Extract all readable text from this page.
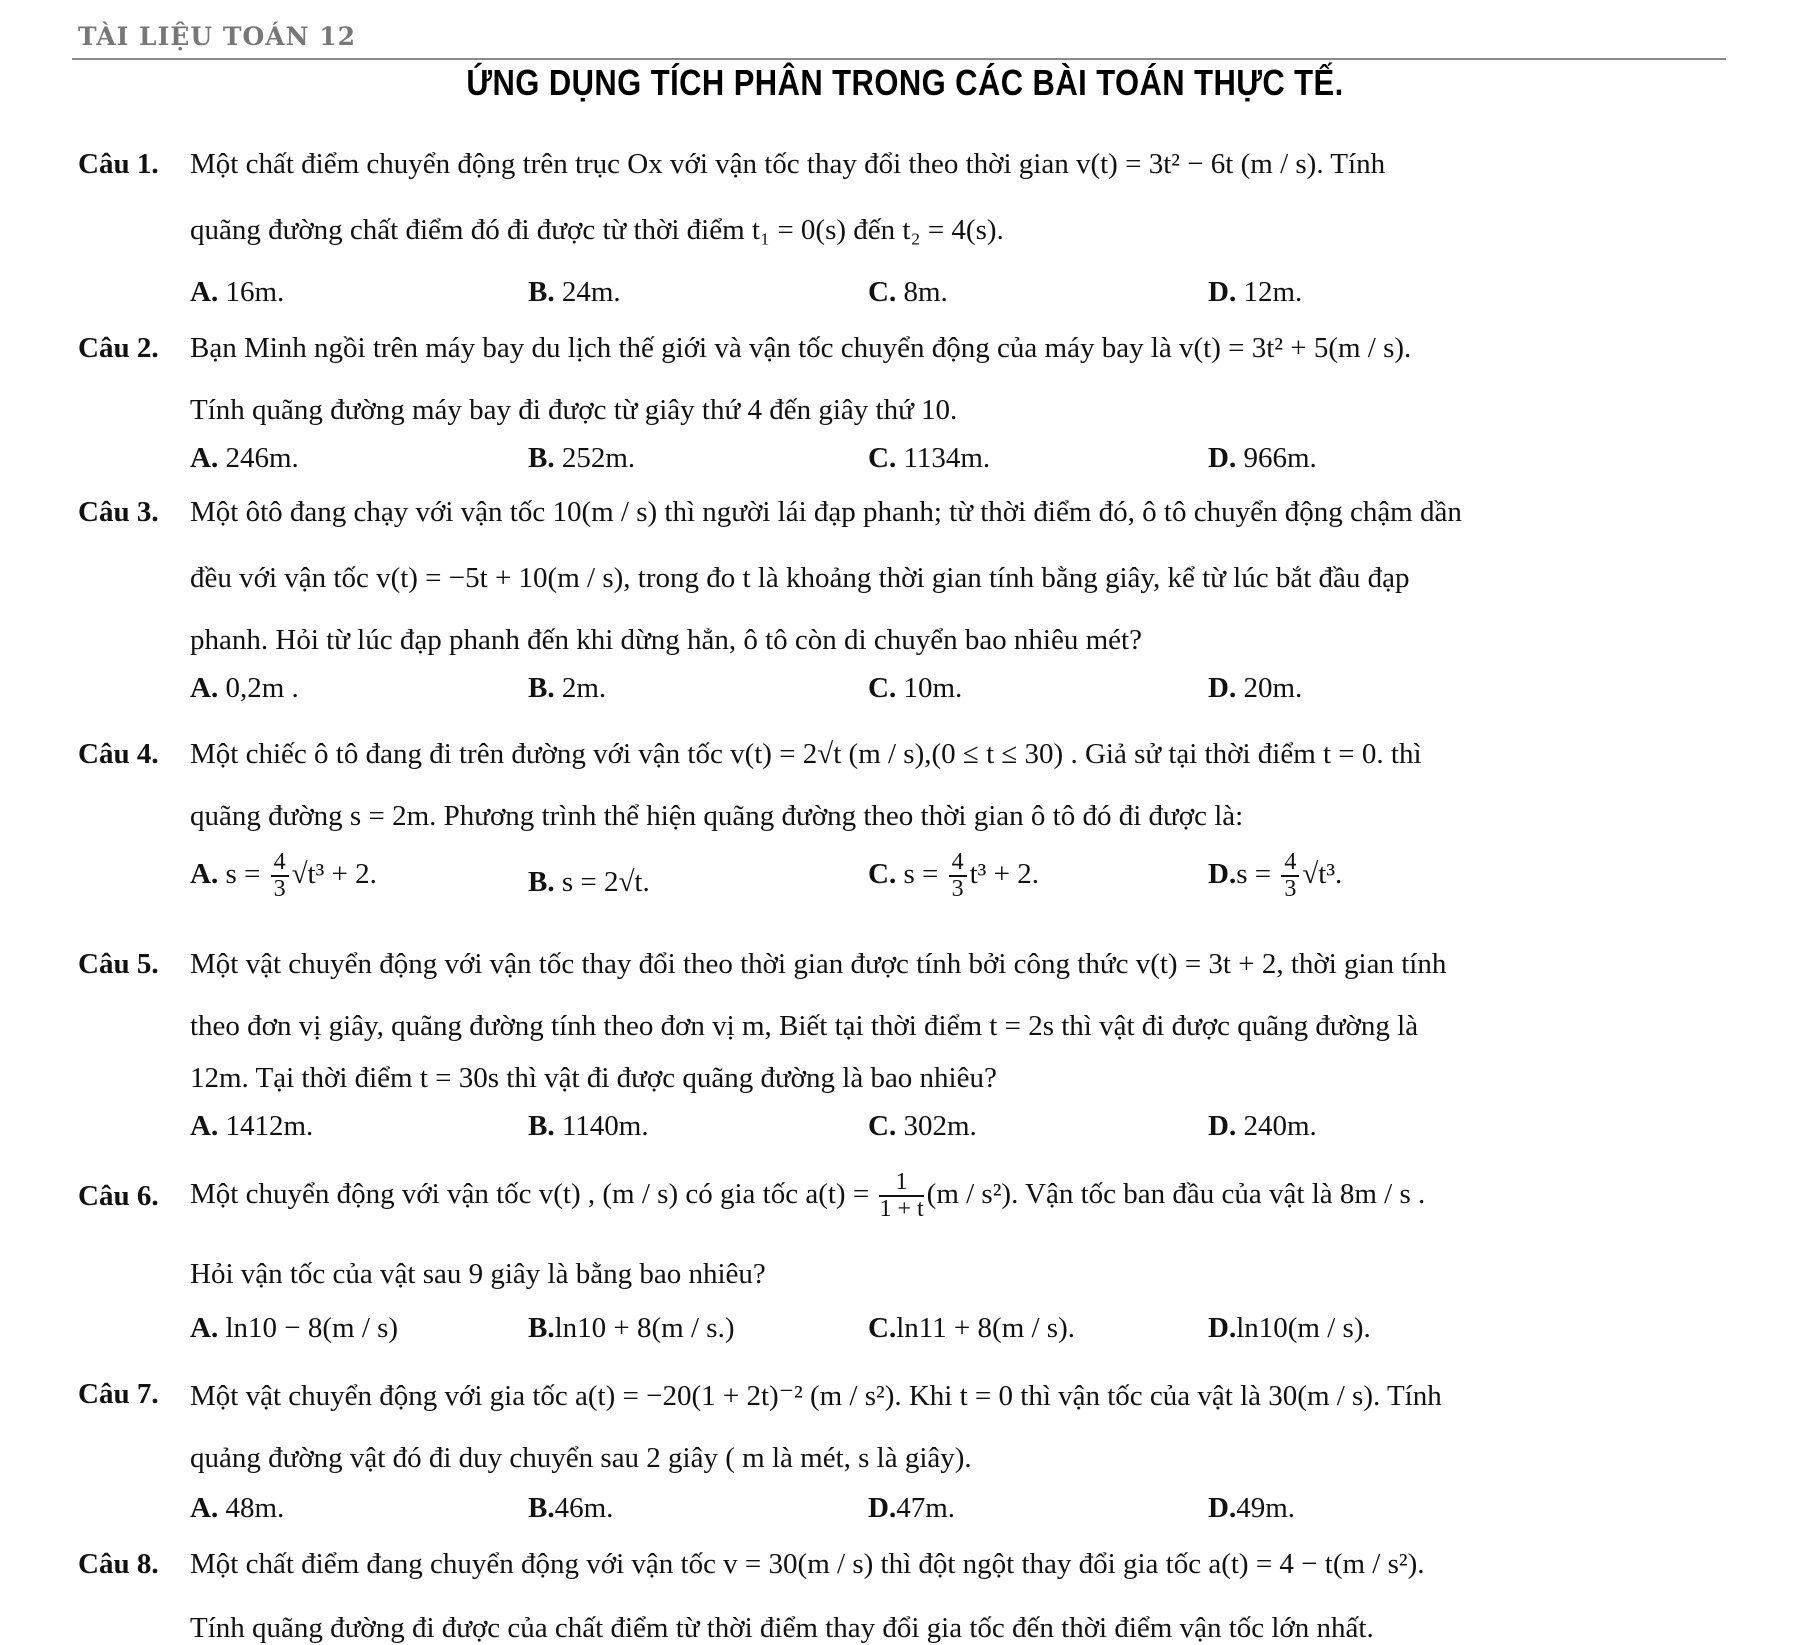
TÀI LIỆU TOÁN 12
ỨNG DỤNG TÍCH PHÂN TRONG CÁC BÀI TOÁN THỰC TẾ.
Câu 1. Một chất điểm chuyển động trên trục Ox với vận tốc thay đổi theo thời gian v(t) = 3t² − 6t (m / s). Tính
quãng đường chất điểm đó đi được từ thời điểm t₁ = 0(s) đến t₂ = 4(s).
A. 16m.	B. 24m.	C. 8m.	D. 12m.
Câu 2. Bạn Minh ngồi trên máy bay du lịch thế giới và vận tốc chuyển động của máy bay là v(t) = 3t² + 5(m / s).
Tính quãng đường máy bay đi được từ giây thứ 4 đến giây thứ 10.
A. 246m.	B. 252m.	C. 1134m.	D. 966m.
Câu 3. Một ôtô đang chạy với vận tốc 10(m / s) thì người lái đạp phanh; từ thời điểm đó, ô tô chuyển động chậm dần
đều với vận tốc v(t) = −5t + 10(m / s), trong đo t là khoảng thời gian tính bằng giây, kể từ lúc bắt đầu đạp
phanh. Hỏi từ lúc đạp phanh đến khi dừng hẳn, ô tô còn di chuyển bao nhiêu mét?
A. 0,2m .	B. 2m.	C. 10m.	D. 20m.
Câu 4. Một chiếc ô tô đang đi trên đường với vận tốc v(t) = 2√t (m / s),(0 ≤ t ≤ 30) . Giả sử tại thời điểm t = 0. thì
quãng đường s = 2m. Phương trình thể hiện quãng đường theo thời gian ô tô đó đi được là:
A. $s = \frac{4}{3} √t^3 + 2$.	B. s = 2√t.	C. $s = \frac{4}{3} t^3 + 2$.	$D.s = \frac{4}{3} √t^3$.
Câu 5. Một vật chuyển động với vận tốc thay đổi theo thời gian được tính bởi công thức v(t) = 3t + 2, thời gian tính
theo đơn vị giây, quãng đường tính theo đơn vị m, Biết tại thời điểm t = 2s thì vật đi được quãng đường là
12m. Tại thời điểm t = 30s thì vật đi được quãng đường là bao nhiêu?
A. 1412m.	B. 1140m.	C. 302m.	D. 240m.
Câu 6. Một chuyển động với vận tốc v(t) , (m / s) có gia tốc $a(t) = \frac{1}{1 + t} (m / s^2)$. Vận tốc ban đầu của vật là 8m / s .
Hỏi vận tốc của vật sau 9 giây là bằng bao nhiêu?
A. ln10 − 8(m / s)	B.ln10 + 8(m / s.)	C.ln11 + 8(m / s).	D.ln10(m / s).
Câu 7. Một vật chuyển động với gia tốc a(t) = −20(1 + 2t)⁻² (m / s²). Khi t = 0 thì vận tốc của vật là 30(m / s). Tính
quảng đường vật đó đi duy chuyển sau 2 giây ( m là mét, s là giây).
A. 48m.	B.46m.	D.47m.	D.49m.
Câu 8. Một chất điểm đang chuyển động với vận tốc v = 30(m / s) thì đột ngột thay đổi gia tốc a(t) = 4 − t(m / s²).
Tính quãng đường đi được của chất điểm từ thời điểm thay đổi gia tốc đến thời điểm vận tốc lớn nhất.
